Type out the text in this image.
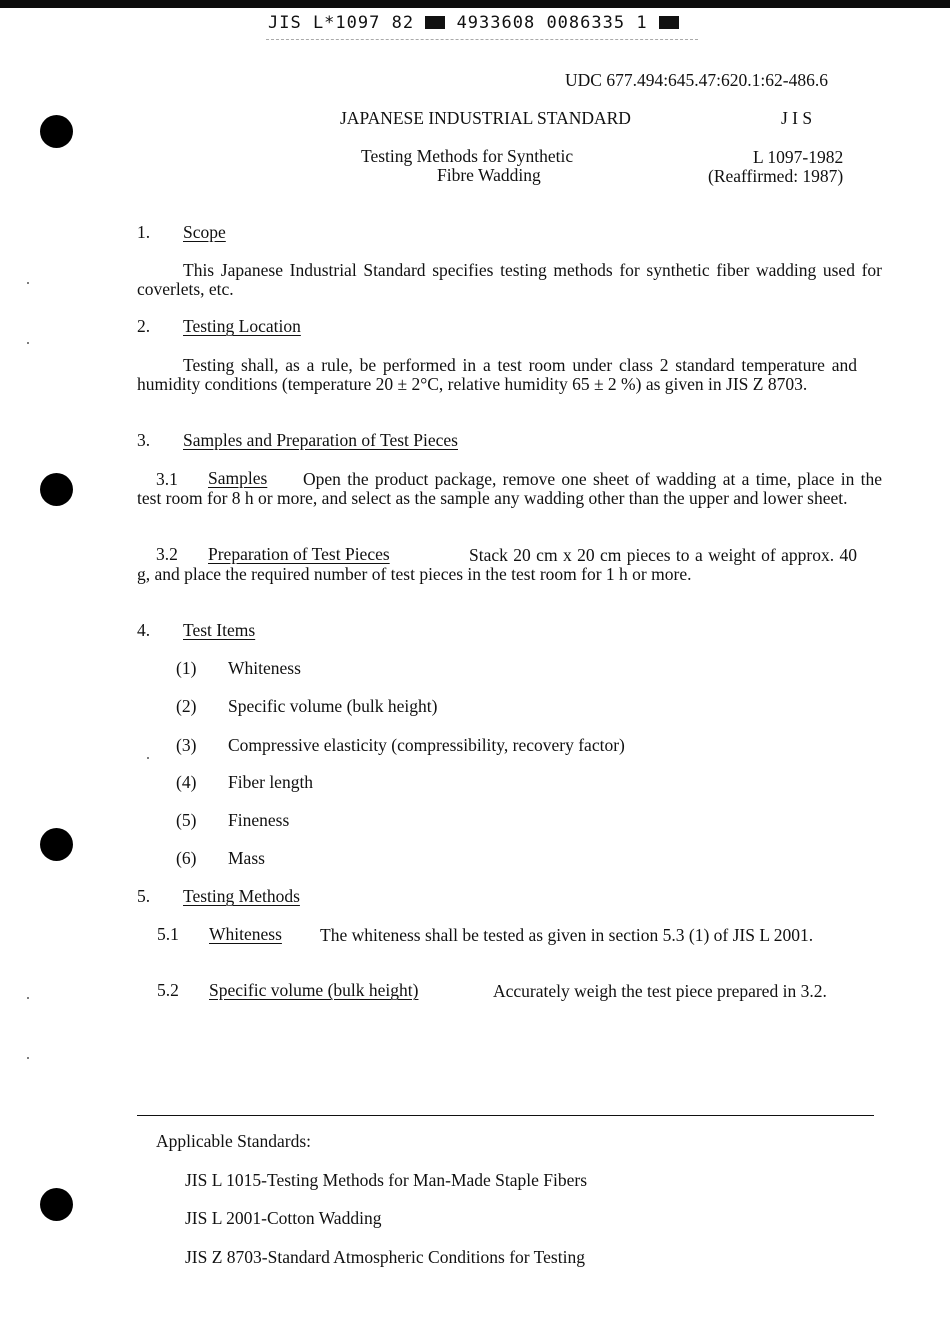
JIS L*1097 82	4933608 0086335 1
UDC 677.494:645.47:620.1:62-486.6
JAPANESE INDUSTRIAL STANDARD	J I S
Testing Methods for Synthetic
Fibre Wadding
L 1097-1982
(Reaffirmed: 1987)
1. Scope
This Japanese Industrial Standard specifies testing methods for synthetic fiber wadding used for coverlets, etc.
2. Testing Location
Testing shall, as a rule, be performed in a test room under class 2 standard temperature and humidity conditions (temperature 20 ± 2°C, relative humidity 65 ± 2 %) as given in JIS Z 8703.
3. Samples and Preparation of Test Pieces
3.1 Samples	Open the product package, remove one sheet of wadding at a time, place in the test room for 8 h or more, and select as the sample any wadding other than the upper and lower sheet.
3.2 Preparation of Test Pieces	Stack 20 cm x 20 cm pieces to a weight of approx. 40 g, and place the required number of test pieces in the test room for 1 h or more.
4. Test Items
(1) Whiteness
(2) Specific volume (bulk height)
(3) Compressive elasticity (compressibility, recovery factor)
(4) Fiber length
(5) Fineness
(6) Mass
5. Testing Methods
5.1 Whiteness	The whiteness shall be tested as given in section 5.3 (1) of JIS L 2001.
5.2 Specific volume (bulk height)	Accurately weigh the test piece prepared in 3.2.
Applicable Standards:
JIS L 1015-Testing Methods for Man-Made Staple Fibers
JIS L 2001-Cotton Wadding
JIS Z 8703-Standard Atmospheric Conditions for Testing
